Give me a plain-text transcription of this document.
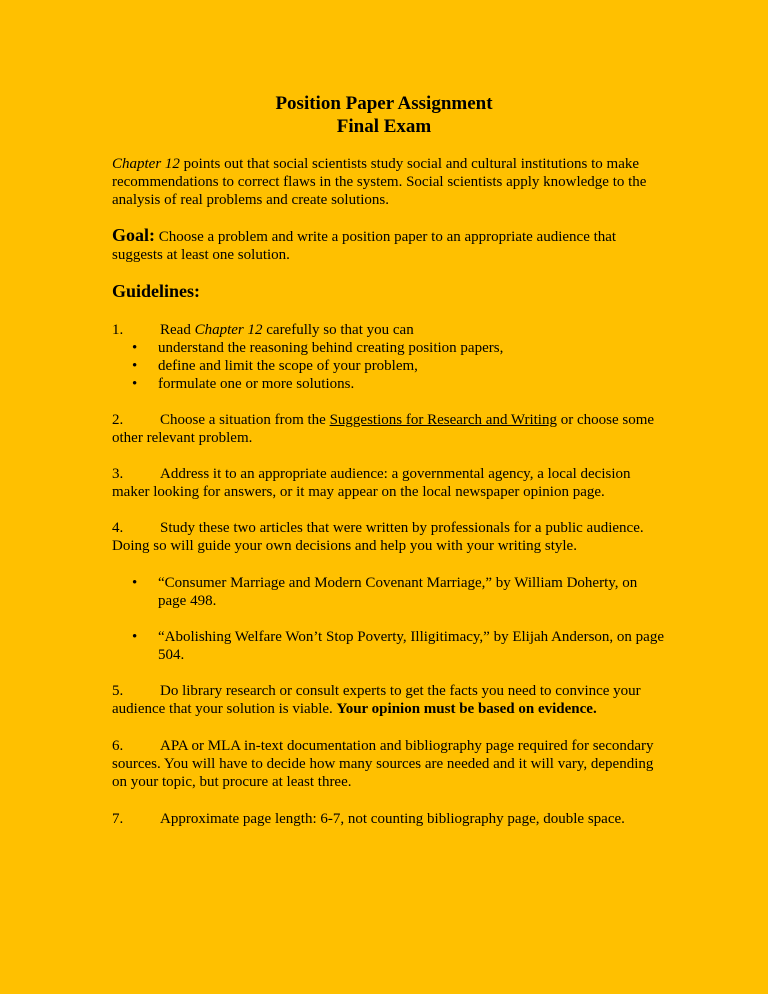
Position Paper Assignment
Final Exam
Chapter 12 points out that social scientists study social and cultural institutions to make recommendations to correct flaws in the system. Social scientists apply knowledge to the analysis of real problems and create solutions.
Goal: Choose a problem and write a position paper to an appropriate audience that suggests at least one solution.
Guidelines:
1. Read Chapter 12 carefully so that you can
• understand the reasoning behind creating position papers,
• define and limit the scope of your problem,
• formulate one or more solutions.
2. Choose a situation from the Suggestions for Research and Writing or choose some other relevant problem.
3. Address it to an appropriate audience: a governmental agency, a local decision maker looking for answers, or it may appear on the local newspaper opinion page.
4. Study these two articles that were written by professionals for a public audience. Doing so will guide your own decisions and help you with your writing style.
• “Consumer Marriage and Modern Covenant Marriage,” by William Doherty, on page 498.
• “Abolishing Welfare Won’t Stop Poverty, Illigitimacy,” by Elijah Anderson, on page 504.
5. Do library research or consult experts to get the facts you need to convince your audience that your solution is viable. Your opinion must be based on evidence.
6. APA or MLA in-text documentation and bibliography page required for secondary sources. You will have to decide how many sources are needed and it will vary, depending on your topic, but procure at least three.
7. Approximate page length: 6-7, not counting bibliography page, double space.
